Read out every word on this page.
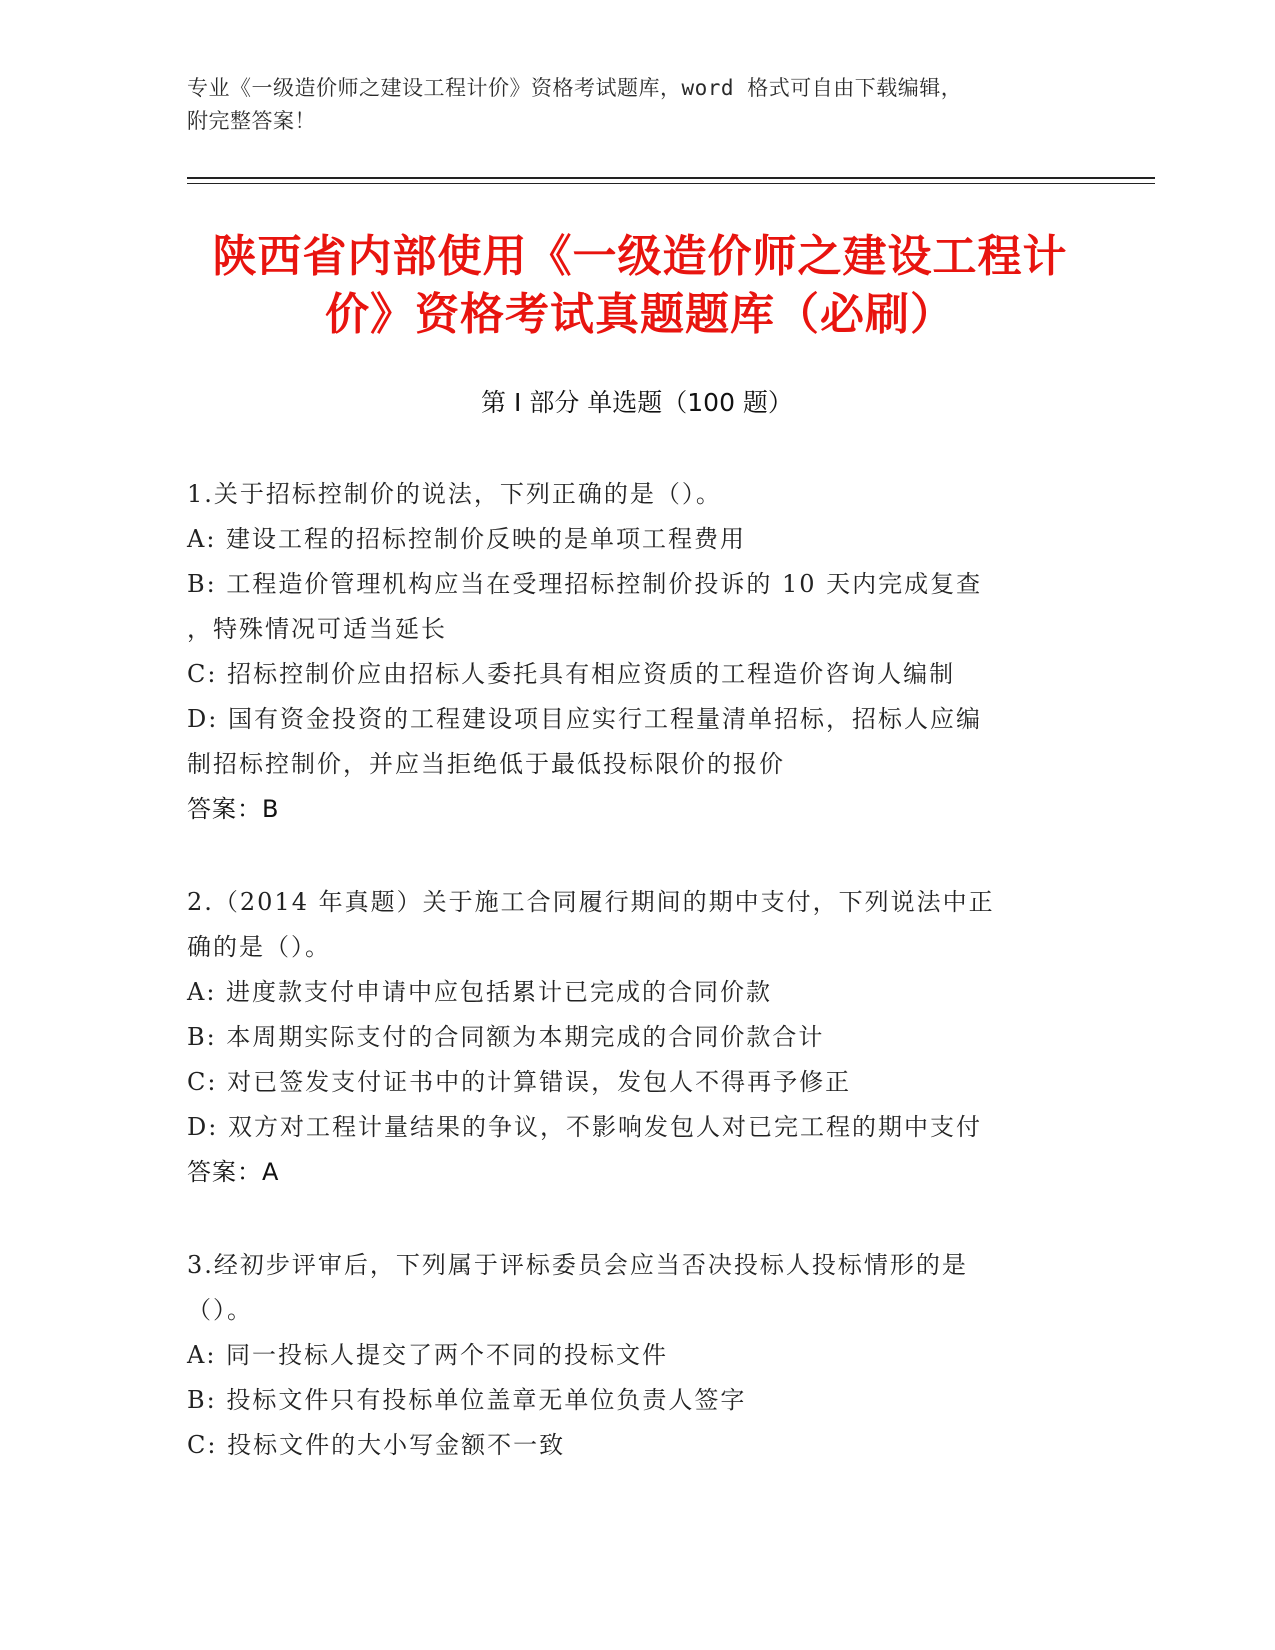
专业《一级造价师之建设工程计价》资格考试题库，word 格式可自由下载编辑，
附完整答案！
陕西省内部使用《一级造价师之建设工程计
价》资格考试真题题库（必刷）
第 I 部分 单选题（100 题）
1.关于招标控制价的说法，下列正确的是（）。
A: 建设工程的招标控制价反映的是单项工程费用
B: 工程造价管理机构应当在受理招标控制价投诉的 10 天内完成复查
，特殊情况可适当延长
C: 招标控制价应由招标人委托具有相应资质的工程造价咨询人编制
D: 国有资金投资的工程建设项目应实行工程量清单招标，招标人应编
制招标控制价，并应当拒绝低于最低投标限价的报价
答案：B
2.（2014 年真题）关于施工合同履行期间的期中支付，下列说法中正
确的是（）。
A: 进度款支付申请中应包括累计已完成的合同价款
B: 本周期实际支付的合同额为本期完成的合同价款合计
C: 对已签发支付证书中的计算错误，发包人不得再予修正
D: 双方对工程计量结果的争议，不影响发包人对已完工程的期中支付
答案：A
3.经初步评审后，下列属于评标委员会应当否决投标人投标情形的是
（）。
A: 同一投标人提交了两个不同的投标文件
B: 投标文件只有投标单位盖章无单位负责人签字
C: 投标文件的大小写金额不一致
